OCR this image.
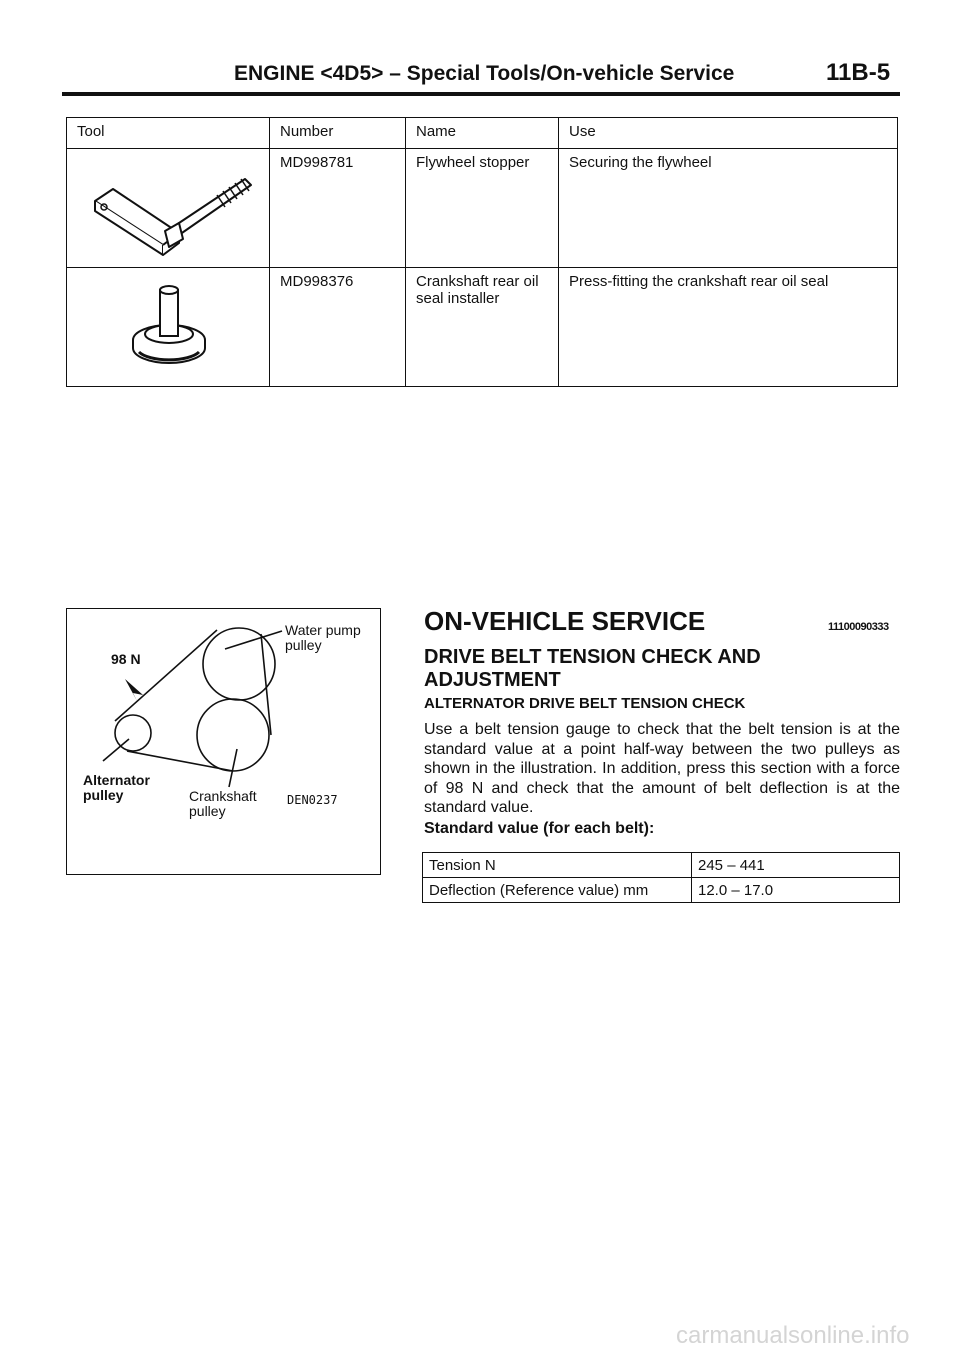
ENGINE <4D5> – Special Tools/On-vehicle Service	11B-5
Tool	Number	Name	Use
	MD998781	Flywheel stopper	Securing the flywheel
	MD998376	Crankshaft rear oil seal installer	Press-fitting the crankshaft rear oil seal
98 N
Water pump pulley
Alternator pulley	Crankshaft pulley
DEN0237
ON-VEHICLE SERVICE	11100090333
DRIVE BELT TENSION CHECK AND ADJUSTMENT
ALTERNATOR DRIVE BELT TENSION CHECK
Use a belt tension gauge to check that the belt tension is at the standard value at a point half-way between the two pulleys as shown in the illustration. In addition, press this section with a force of 98 N and check that the amount of belt deflection is at the standard value.
Standard value (for each belt):
Tension N	245 – 441
Deflection (Reference value) mm	12.0 – 17.0
carmanualsonline.info
